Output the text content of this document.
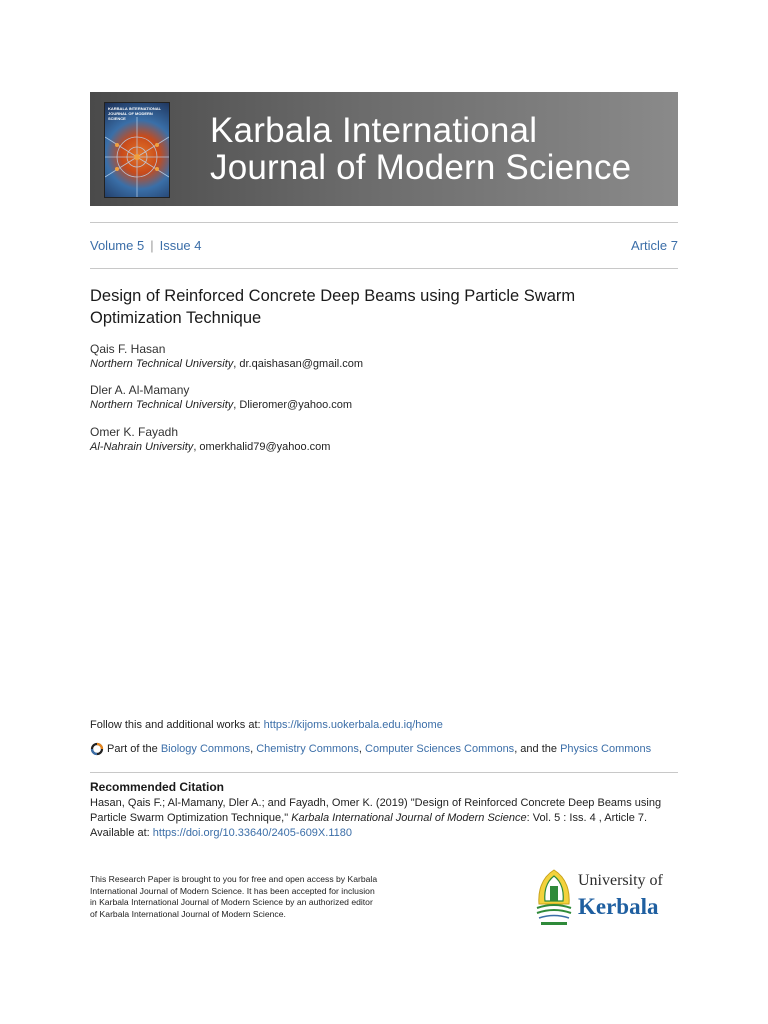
KARBALA INTERNATIONAL JOURNAL OF MODERN SCIENCE	Karbala International
Journal of Modern Science
Volume 5 | Issue 4	Article 7
Design of Reinforced Concrete Deep Beams using Particle Swarm Optimization Technique
Qais F. Hasan
Northern Technical University, dr.qaishasan@gmail.com
Dler A. Al-Mamany
Northern Technical University, Dlieromer@yahoo.com
Omer K. Fayadh
Al-Nahrain University, omerkhalid79@yahoo.com
Follow this and additional works at: https://kijoms.uokerbala.edu.iq/home
Part of the Biology Commons, Chemistry Commons, Computer Sciences Commons, and the Physics Commons
Recommended Citation
Hasan, Qais F.; Al-Mamany, Dler A.; and Fayadh, Omer K. (2019) "Design of Reinforced Concrete Deep Beams using Particle Swarm Optimization Technique," Karbala International Journal of Modern Science: Vol. 5 : Iss. 4 , Article 7.
Available at: https://doi.org/10.33640/2405-609X.1180
This Research Paper is brought to you for free and open access by Karbala International Journal of Modern Science. It has been accepted for inclusion in Karbala International Journal of Modern Science by an authorized editor of Karbala International Journal of Modern Science.
University of
Kerbala
